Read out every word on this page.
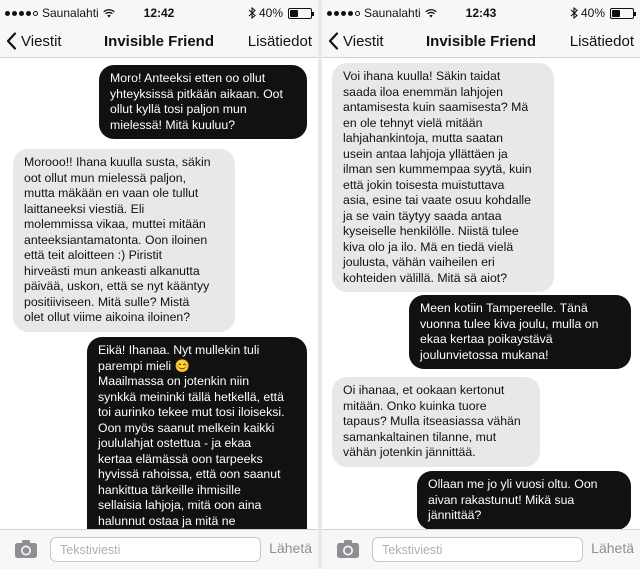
Saunalahti	12:42	40%
Viestit	Invisible Friend	Lisätiedot
Moro! Anteeksi etten oo ollut
yhteyksissä pitkään aikaan. Oot
ollut kyllä tosi paljon mun
mielessä! Mitä kuuluu?
Morooo!! Ihana kuulla susta, säkin
oot ollut mun mielessä paljon,
mutta mäkään en vaan ole tullut
laittaneeksi viestiä. Eli
molemmissa vikaa, muttei mitään
anteeksiantamatonta. Oon iloinen
että teit aloitteen :) Piristit
hirveästi mun ankeasti alkanutta
päivää, uskon, että se nyt kääntyy
positiiviseen. Mitä sulle? Mistä
olet ollut viime aikoina iloinen?
Eikä! Ihanaa. Nyt mullekin tuli
parempi mieli 😊
Maailmassa on jotenkin niin
synkkä meininki tällä hetkellä, että
toi aurinko tekee mut tosi iloiseksi.
Oon myös saanut melkein kaikki
joululahjat ostettua - ja ekaa
kertaa elämässä oon tarpeeks
hyvissä rahoissa, että oon saanut
hankittua tärkeille ihmisille
sellaisia lahjoja, mitä oon aina
halunnut ostaa ja mitä ne

Tekstiviesti	Lähetä
Saunalahti	12:43	40%
Viestit	Invisible Friend	Lisätiedot
Voi ihana kuulla! Säkin taidat
saada iloa enemmän lahjojen
antamisesta kuin saamisesta? Mä
en ole tehnyt vielä mitään
lahjahankintoja, mutta saatan
usein antaa lahjoja yllättäen ja
ilman sen kummempaa syytä, kuin
että jokin toisesta muistuttava
asia, esine tai vaate osuu kohdalle
ja se vain täytyy saada antaa
kyseiselle henkilölle. Niistä tulee
kiva olo ja ilo. Mä en tiedä vielä
joulusta, vähän vaiheilen eri
kohteiden välillä. Mitä sä aiot?
Meen kotiin Tampereelle. Tänä
vuonna tulee kiva joulu, mulla on
ekaa kertaa poikaystävä
joulunvietossa mukana!
Oi ihanaa, et ookaan kertonut
mitään. Onko kuinka tuore
tapaus? Mulla itseasiassa vähän
samankaltainen tilanne, mut
vähän jotenkin jännittää.
Ollaan me jo yli vuosi oltu. Oon
aivan rakastunut! Mikä sua
jännittää?
Tekstiviesti	Lähetä
